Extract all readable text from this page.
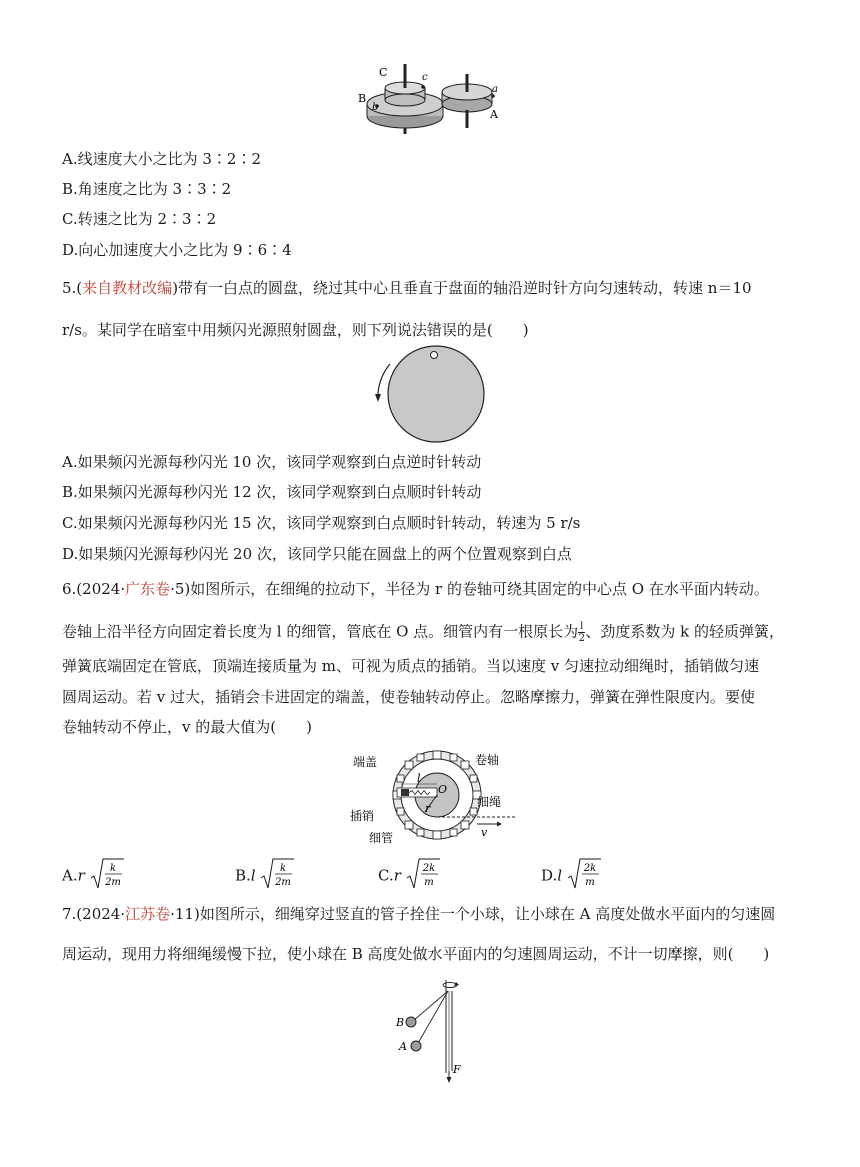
C
B
b
c
a
A
A.线速度大小之比为 3∶2∶2
B.角速度之比为 3∶3∶2
C.转速之比为 2∶3∶2
D.向心加速度大小之比为 9∶6∶4
5.(来自教材改编)带有一白点的圆盘，绕过其中心且垂直于盘面的轴沿逆时针方向匀速转动，转速 n＝10
r/s。某同学在暗室中用频闪光源照射圆盘，则下列说法错误的是(　　)
A.如果频闪光源每秒闪光 10 次，该同学观察到白点逆时针转动
B.如果频闪光源每秒闪光 12 次，该同学观察到白点顺时针转动
C.如果频闪光源每秒闪光 15 次，该同学观察到白点顺时针转动，转速为 5 r/s
D.如果频闪光源每秒闪光 20 次，该同学只能在圆盘上的两个位置观察到白点
6.(2024·广东卷·5)如图所示，在细绳的拉动下，半径为 r 的卷轴可绕其固定的中心点 O 在水平面内转动。
卷轴上沿半径方向固定着长度为 l 的细管，管底在 O 点。细管内有一根原长为 $\frac{l}{2}$ 、劲度系数为 k 的轻质弹簧，
弹簧底端固定在管底，顶端连接质量为 m、可视为质点的插销。当以速度 v 匀速拉动细绳时，插销做匀速
圆周运动。若 v 过大，插销会卡进固定的端盖，使卷轴转动停止。忽略摩擦力，弹簧在弹性限度内。要使
卷轴转动不停止，v 的最大值为(　　)
端盖	卷轴
l
O
r	细绳
插销
细管	v
A.r k
2m	B.l k
2m	C.r 2k
m	D.l 2k
m
7.(2024·江苏卷·11)如图所示，细绳穿过竖直的管子拴住一个小球，让小球在 A 高度处做水平面内的匀速圆
周运动，现用力将细绳缓慢下拉，使小球在 B 高度处做水平面内的匀速圆周运动，不计一切摩擦，则(　　)
B
A
F
